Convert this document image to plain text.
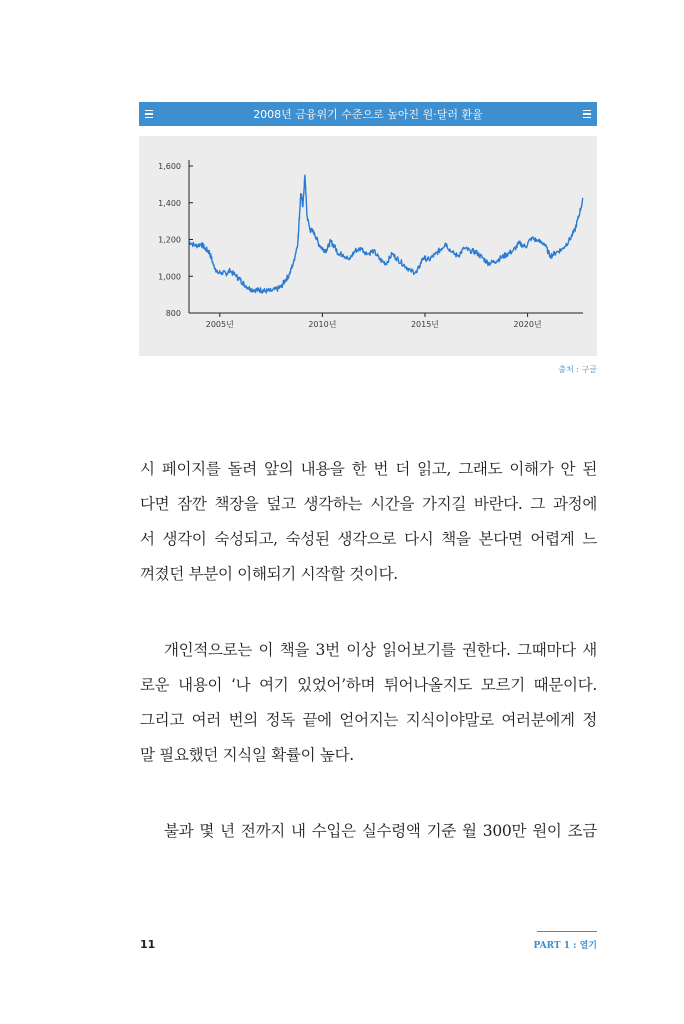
2008년 금융위기 수준으로 높아진 원·달러 환율
800
1,000
1,200
1,400
1,600
2005년	2010년	2015년	2020년
출처 : 구글

시 페이지를 돌려 앞의 내용을 한 번 더 읽고, 그래도 이해가 안 된

다면 잠깐 책장을 덮고 생각하는 시간을 가지길 바란다. 그 과정에

서 생각이 숙성되고, 숙성된 생각으로 다시 책을 본다면 어렵게 느

껴졌던 부분이 이해되기 시작할 것이다.

개인적으로는 이 책을 3번 이상 읽어보기를 권한다. 그때마다 새

로운 내용이 ‘나 여기 있었어’하며 튀어나올지도 모르기 때문이다.

그리고 여러 번의 정독 끝에 얻어지는 지식이야말로 여러분에게 정

말 필요했던 지식일 확률이 높다.

불과 몇 년 전까지 내 수입은 실수령액 기준 월 300만 원이 조금

11	PART 1 : 열기
